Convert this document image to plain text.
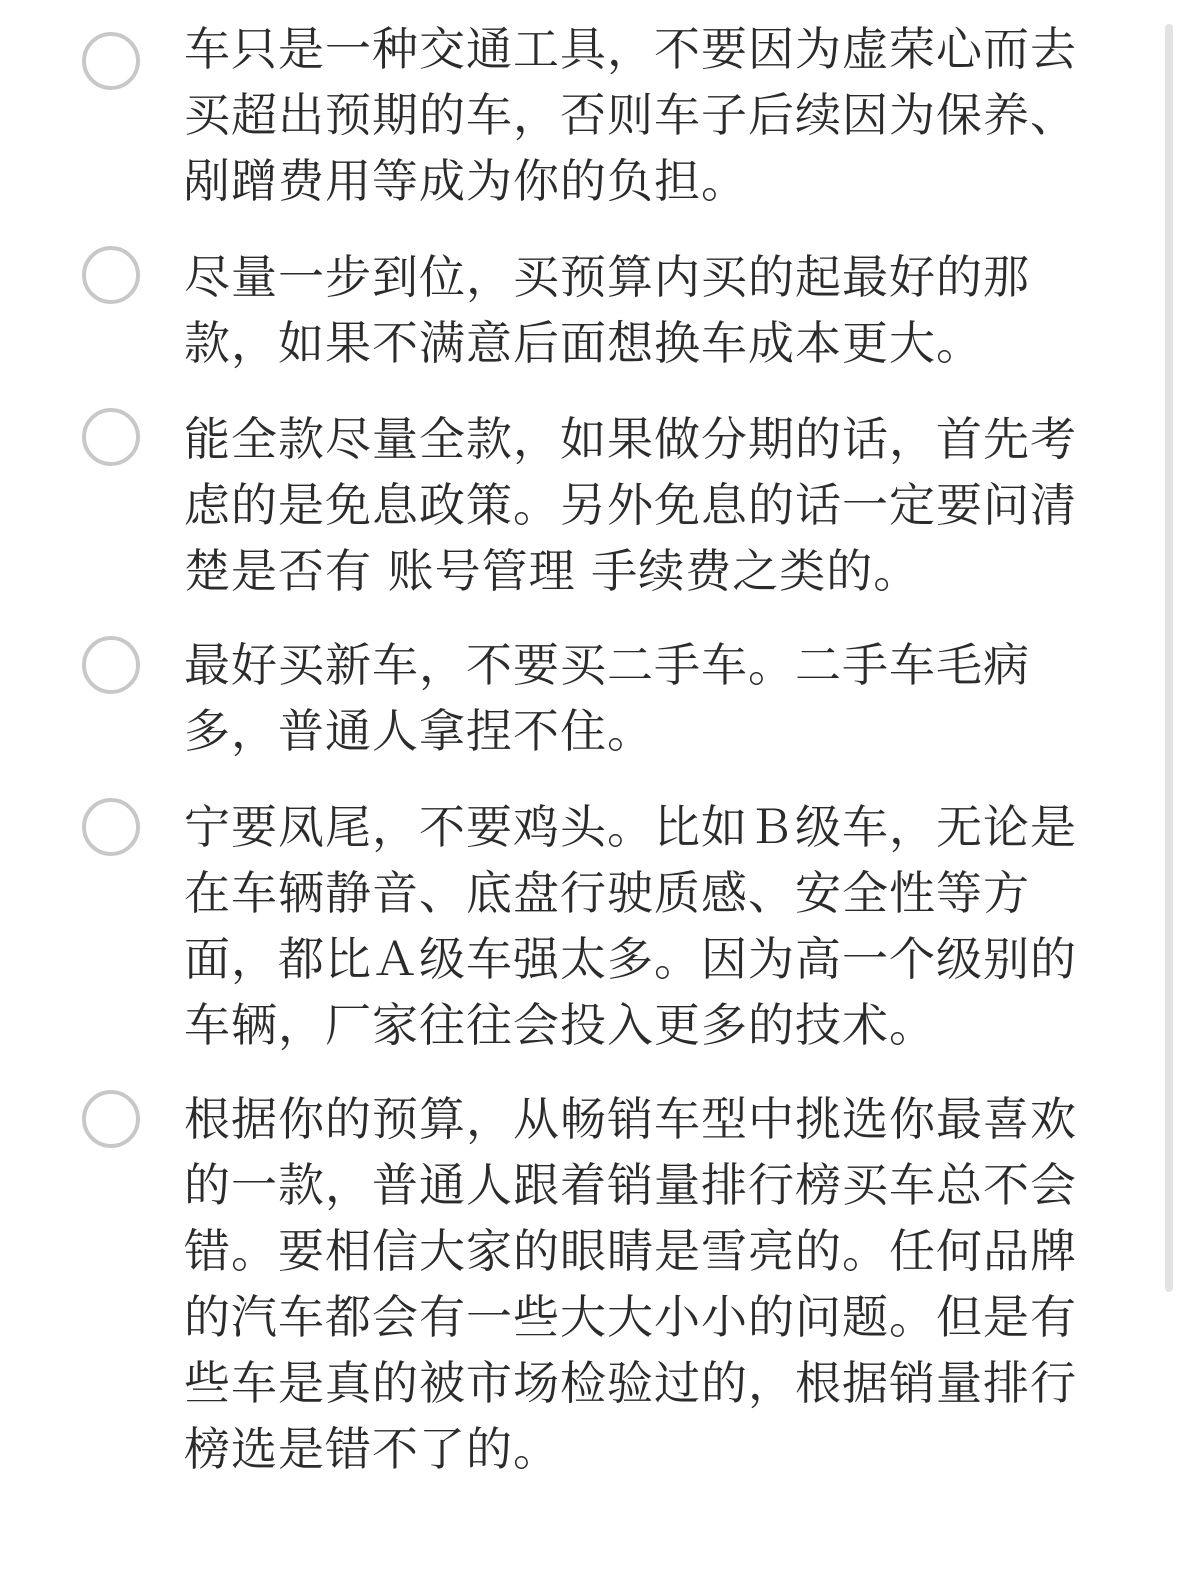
车只是一种交通工具，不要因为虚荣心而去买超出预期的车，否则车子后续因为保养、剐蹭费用等成为你的负担。

尽量一步到位，买预算内买的起最好的那款，如果不满意后面想换车成本更大。

能全款尽量全款，如果做分期的话，首先考虑的是免息政策。另外免息的话一定要问清楚是否有 账号管理 手续费之类的。

最好买新车，不要买二手车。二手车毛病多，普通人拿捏不住。

宁要凤尾，不要鸡头。比如Ｂ级车，无论是在车辆静音、底盘行驶质感、安全性等方面，都比Ａ级车强太多。因为高一个级别的车辆，厂家往往会投入更多的技术。

根据你的预算，从畅销车型中挑选你最喜欢的一款，普通人跟着销量排行榜买车总不会错。要相信大家的眼睛是雪亮的。任何品牌的汽车都会有一些大大小小的问题。但是有些车是真的被市场检验过的，根据销量排行榜选是错不了的。
